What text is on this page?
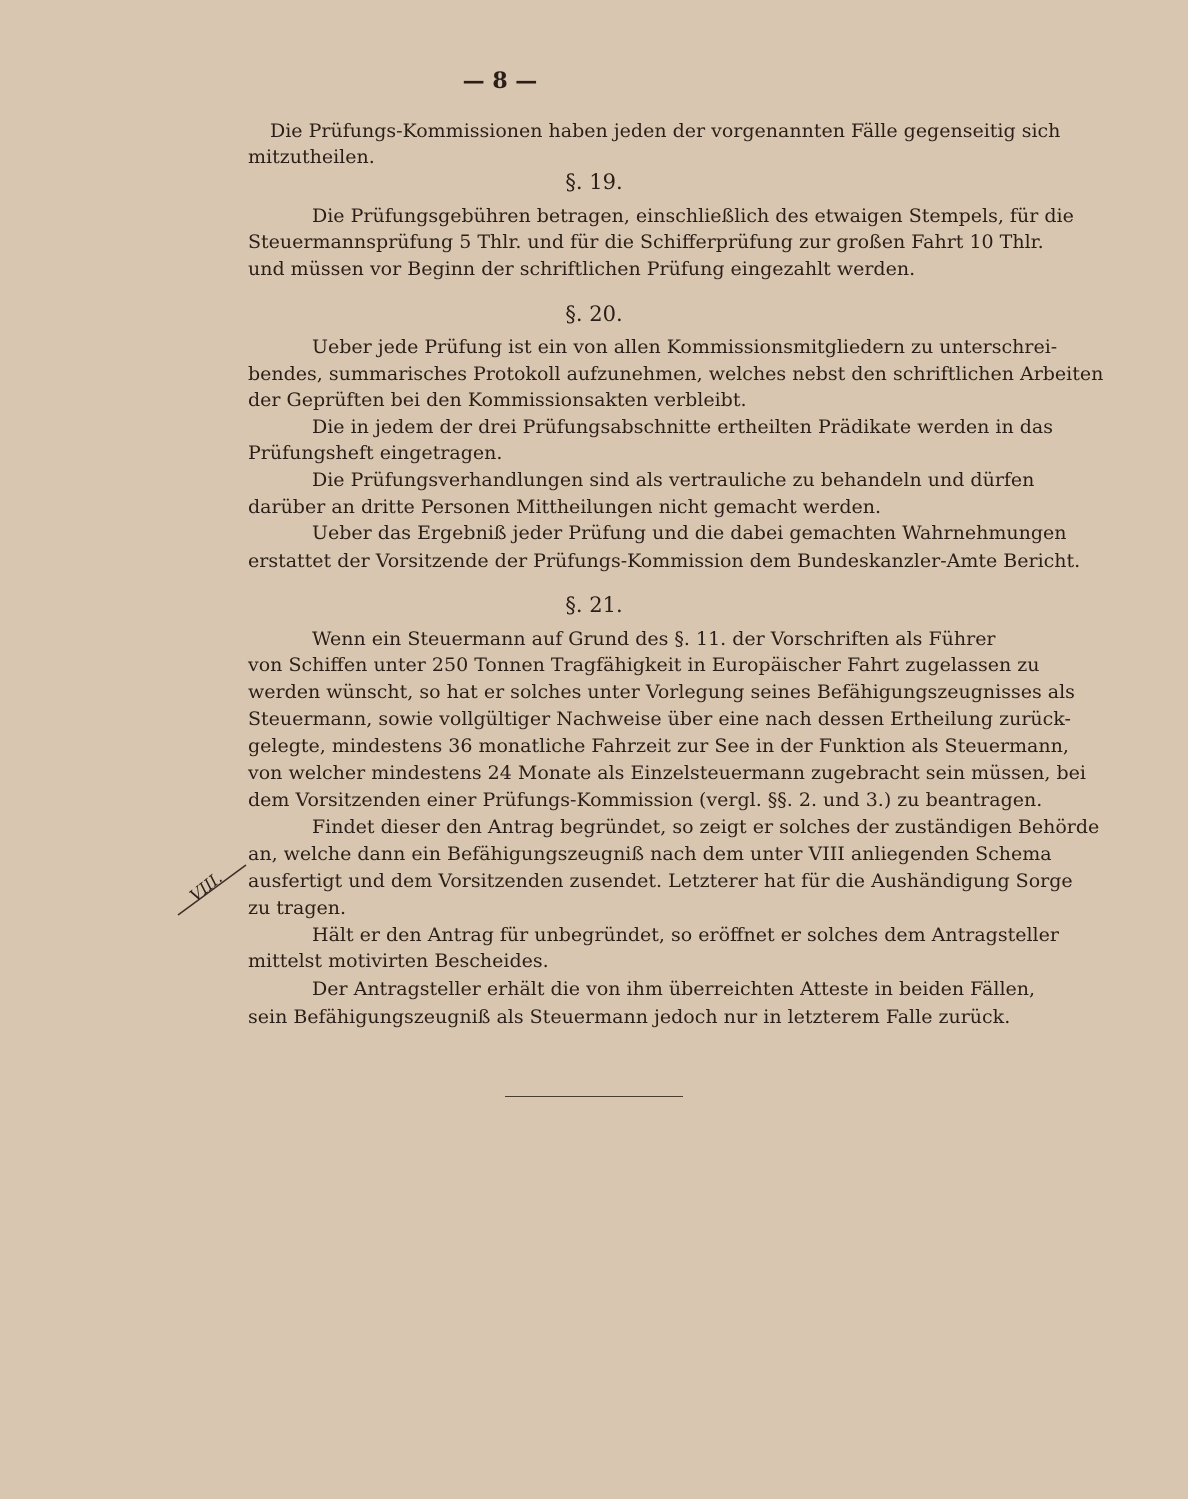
— 8 —
Die Prüfungs-Kommissionen haben jeden der vorgenannten Fälle gegenseitig sich
mitzutheilen.
§. 19.
Die Prüfungsgebühren betragen, einschließlich des etwaigen Stempels, für die
Steuermannsprüfung 5 Thlr. und für die Schifferprüfung zur großen Fahrt 10 Thlr.
und müssen vor Beginn der schriftlichen Prüfung eingezahlt werden.
§. 20.
Ueber jede Prüfung ist ein von allen Kommissionsmitgliedern zu unterschrei-
bendes, summarisches Protokoll aufzunehmen, welches nebst den schriftlichen Arbeiten
der Geprüften bei den Kommissionsakten verbleibt.
Die in jedem der drei Prüfungsabschnitte ertheilten Prädikate werden in das
Prüfungsheft eingetragen.
Die Prüfungsverhandlungen sind als vertrauliche zu behandeln und dürfen
darüber an dritte Personen Mittheilungen nicht gemacht werden.
Ueber das Ergebniß jeder Prüfung und die dabei gemachten Wahrnehmungen
erstattet der Vorsitzende der Prüfungs-Kommission dem Bundeskanzler-Amte Bericht.
§. 21.
Wenn ein Steuermann auf Grund des §. 11. der Vorschriften als Führer
von Schiffen unter 250 Tonnen Tragfähigkeit in Europäischer Fahrt zugelassen zu
werden wünscht, so hat er solches unter Vorlegung seines Befähigungszeugnisses als
Steuermann, sowie vollgültiger Nachweise über eine nach dessen Ertheilung zurück-
gelegte, mindestens 36 monatliche Fahrzeit zur See in der Funktion als Steuermann,
von welcher mindestens 24 Monate als Einzelsteuermann zugebracht sein müssen, bei
dem Vorsitzenden einer Prüfungs-Kommission (vergl. §§. 2. und 3.) zu beantragen.
Findet dieser den Antrag begründet, so zeigt er solches der zuständigen Behörde
an, welche dann ein Befähigungszeugniß nach dem unter VIII anliegenden Schema
ausfertigt und dem Vorsitzenden zusendet. Letzterer hat für die Aushändigung Sorge
zu tragen.
Hält er den Antrag für unbegründet, so eröffnet er solches dem Antragsteller
mittelst motivirten Bescheides.
Der Antragsteller erhält die von ihm überreichten Atteste in beiden Fällen,
sein Befähigungszeugniß als Steuermann jedoch nur in letzterem Falle zurück.
VIII.
